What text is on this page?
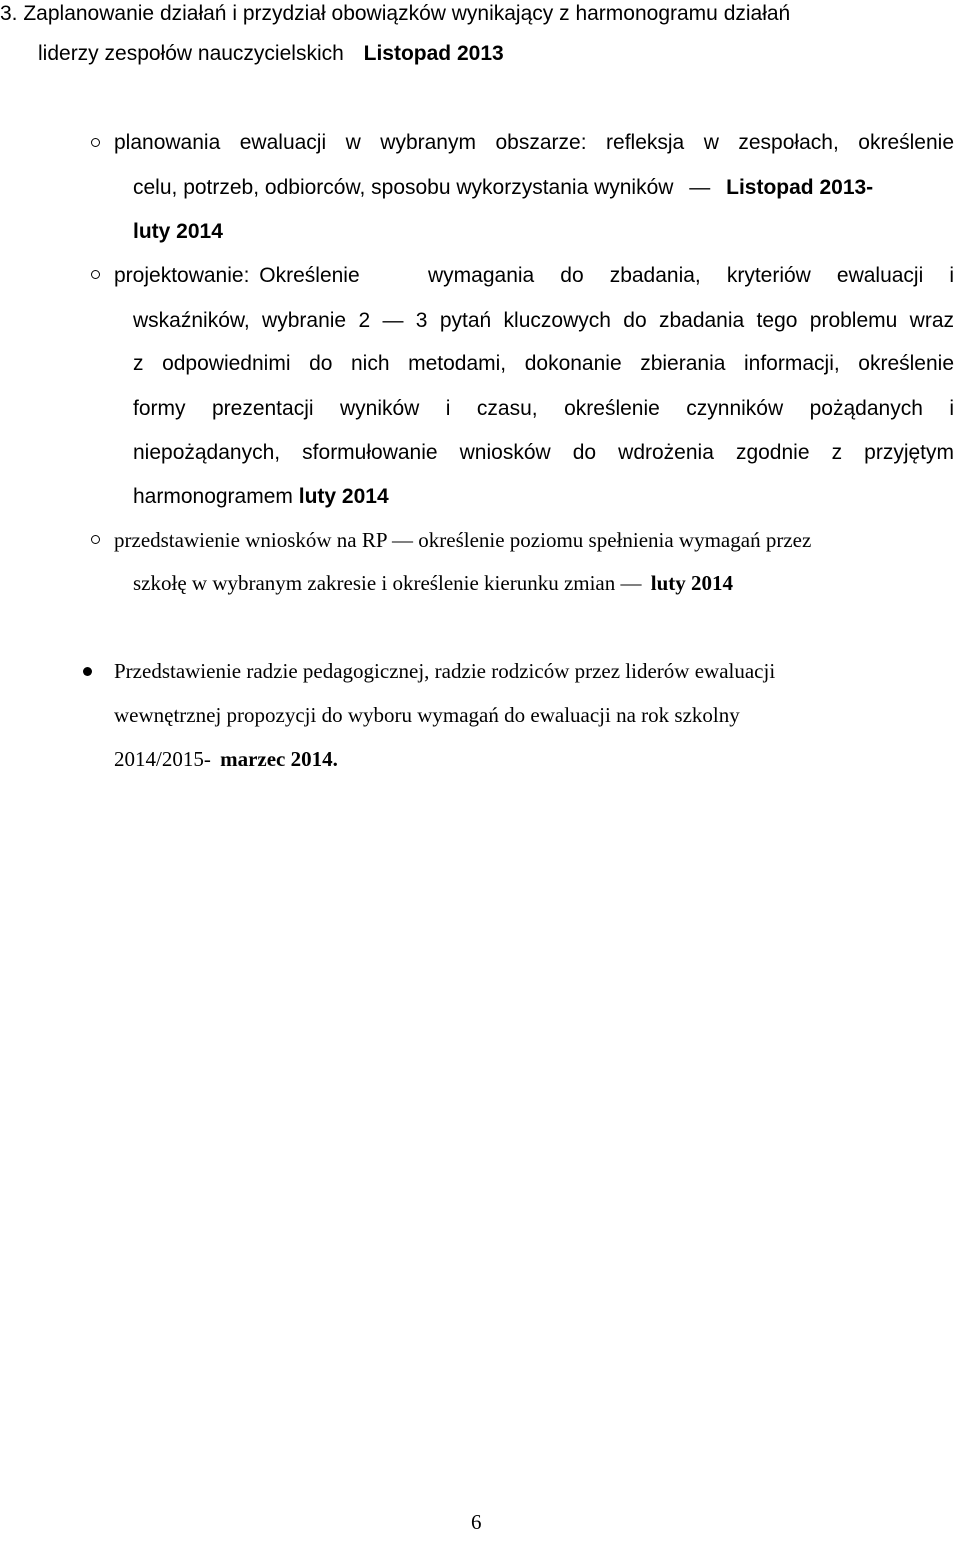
3. Zaplanowanie działań i przydział obowiązków wynikający z harmonogramu działań
liderzy zespołów nauczycielskich Listopad 2013
planowania ewaluacji w wybranym obszarze: refleksja w zespołach, określenie
celu, potrzeb, odbiorców, sposobu wykorzystania wyników — Listopad 2013-
luty 2014
projektowanie: Określenie	wymagania do zbadania, kryteriów ewaluacji i
wskaźników, wybranie 2 — 3 pytań kluczowych do zbadania tego problemu wraz
z odpowiednimi do nich metodami, dokonanie zbierania informacji, określenie
formy prezentacji wyników i czasu, określenie czynników pożądanych i
niepożądanych, sformułowanie wniosków do wdrożenia zgodnie z przyjętym
harmonogramem luty 2014
przedstawienie wniosków na RP — określenie poziomu spełnienia wymagań przez
szkołę w wybranym zakresie i określenie kierunku zmian — luty 2014
Przedstawienie radzie pedagogicznej, radzie rodziców przez liderów ewaluacji
wewnętrznej propozycji do wyboru wymagań do ewaluacji na rok szkolny
2014/2015- marzec 2014.
6
